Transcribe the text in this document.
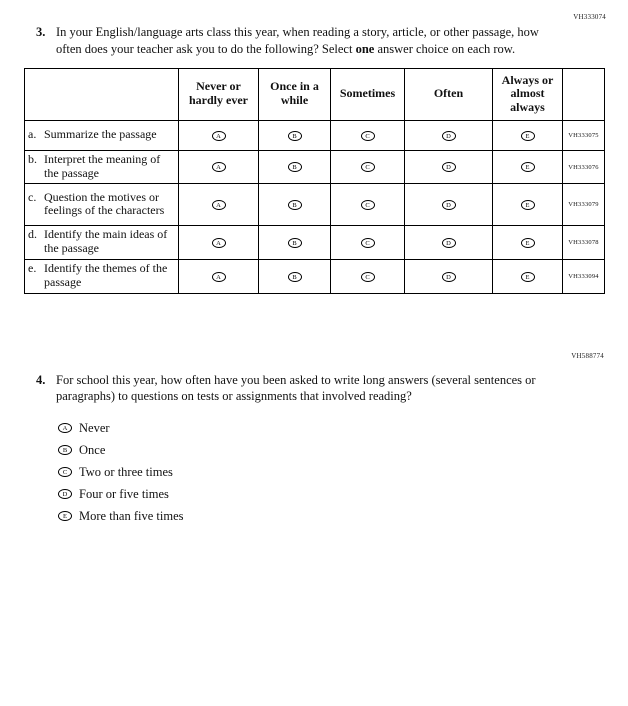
VH333074
3. In your English/language arts class this year, when reading a story, article, or other passage, how often does your teacher ask you to do the following? Select one answer choice on each row.
	Never or hardly ever	Once in a while	Sometimes	Often	Always or almost always	

a. Summarize the passage	A	B	C	D	E	VH333075

b. Interpret the meaning of the passage	A	B	C	D	E	VH333076

c. Question the motives or feelings of the characters	A	B	C	D	E	VH333079

d. Identify the main ideas of the passage	A	B	C	D	E	VH333078

e. Identify the themes of the passage	A	B	C	D	E	VH333094
VH588774
4. For school this year, how often have you been asked to write long answers (several sentences or paragraphs) to questions on tests or assignments that involved reading?
A Never
B Once
C Two or three times
D Four or five times
E More than five times
